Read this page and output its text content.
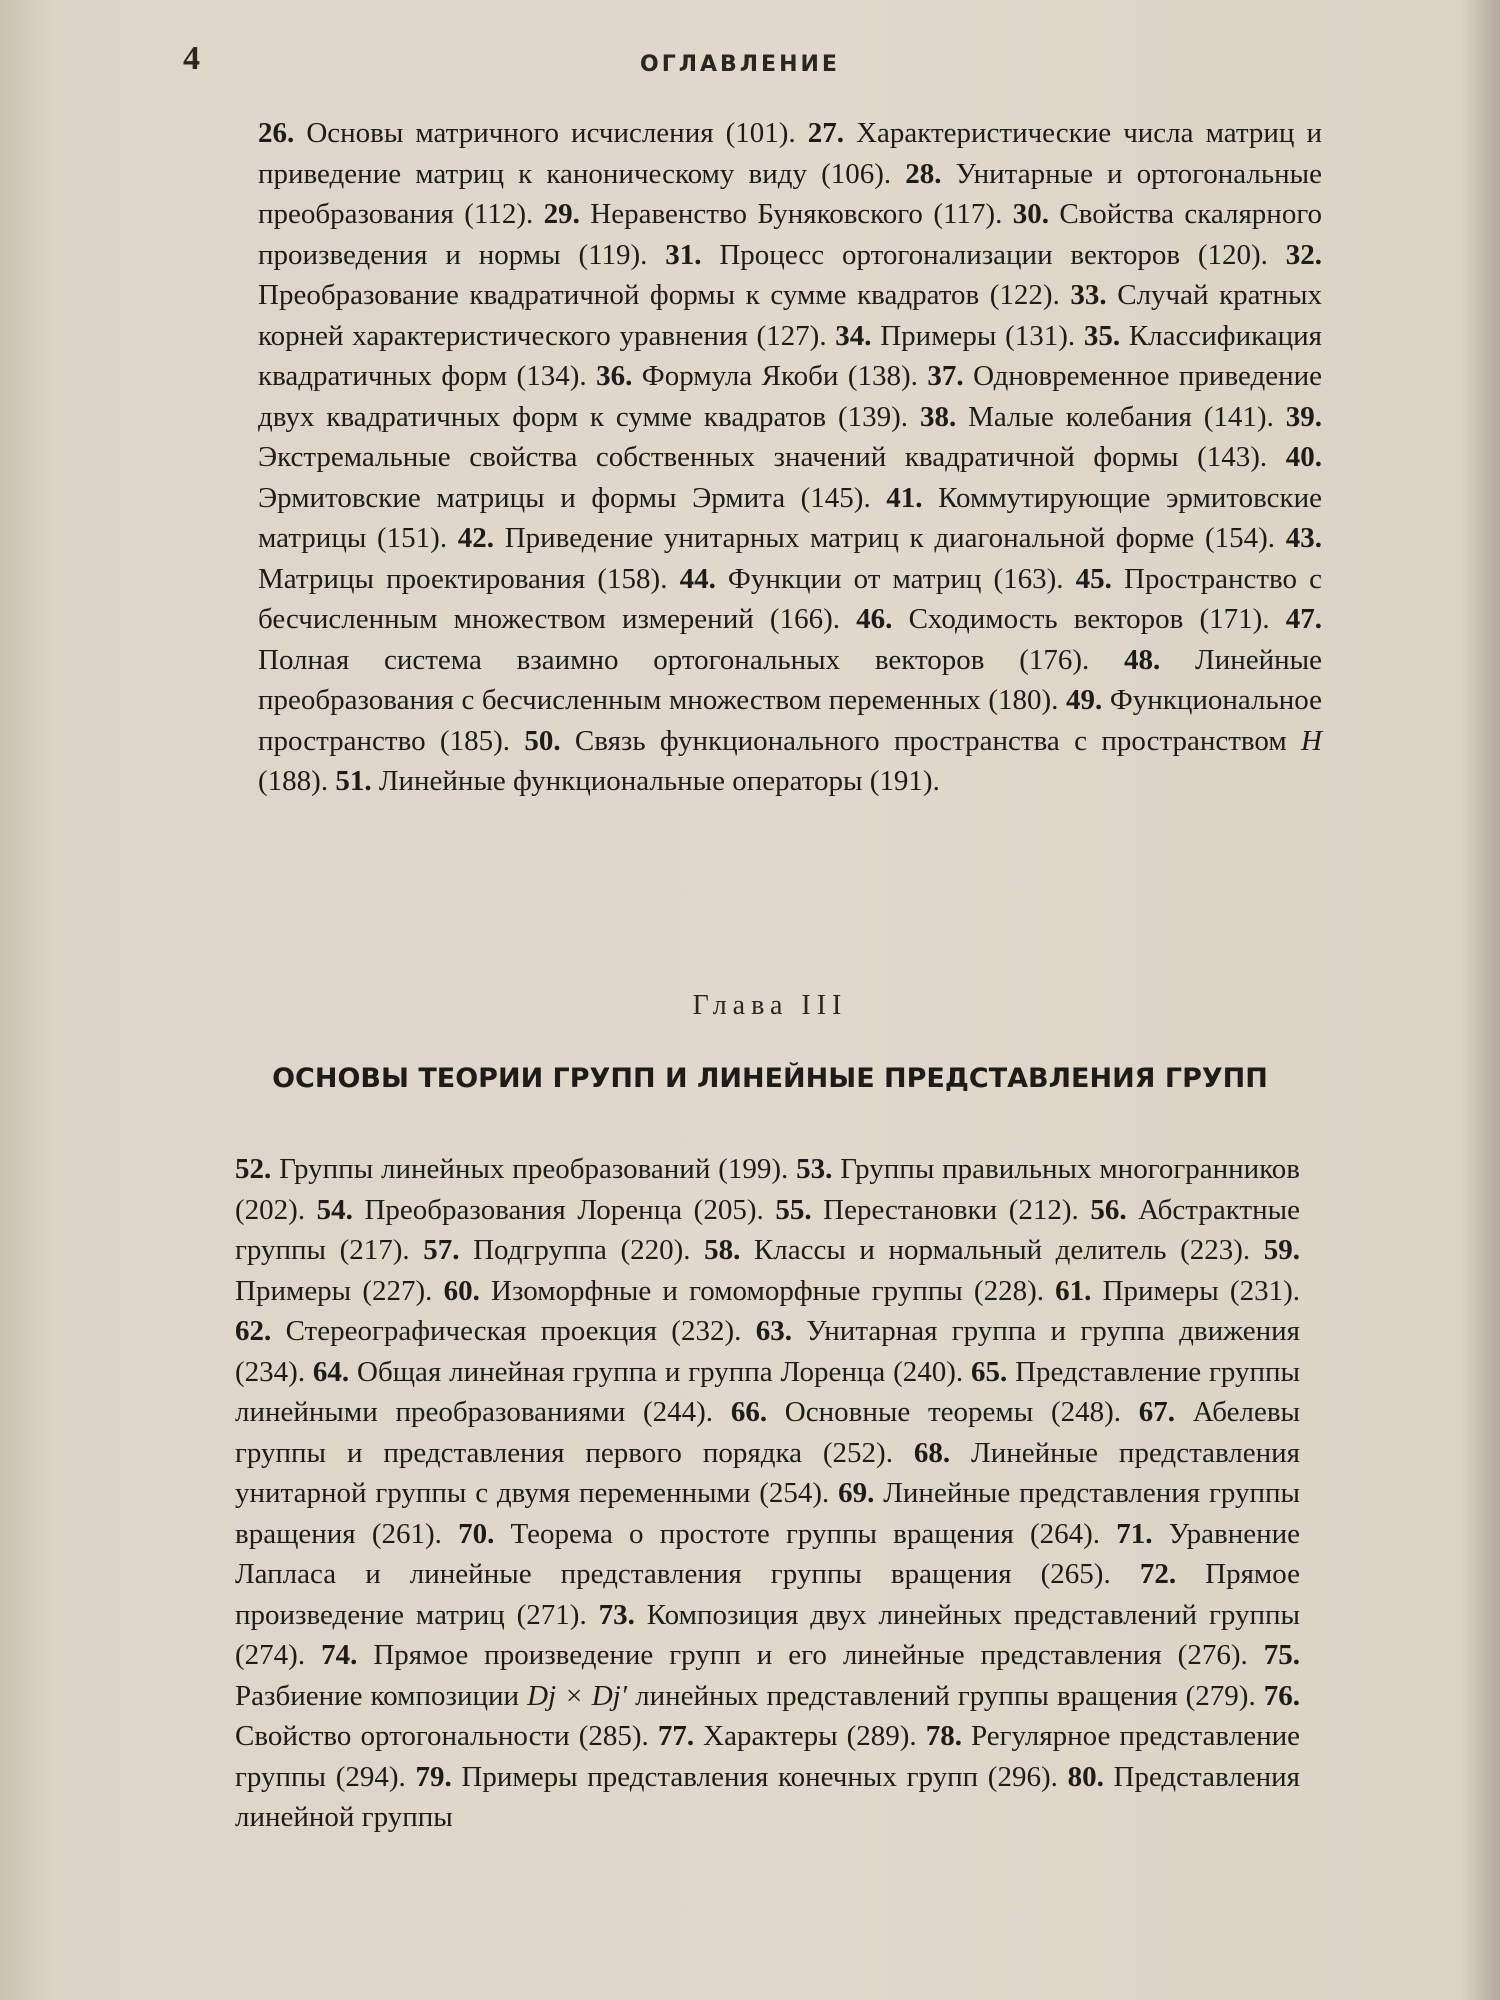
4	ОГЛАВЛЕНИЕ
26. Основы матричного исчисления (101). 27. Характеристические числа матриц и приведение матриц к каноническому виду (106). 28. Унитарные и ортогональные преобразования (112). 29. Неравенство Буняковского (117). 30. Свойства скалярного произведения и нормы (119). 31. Процесс ортогонализации векторов (120). 32. Преобразование квадратичной формы к сумме квадратов (122). 33. Случай кратных корней характеристического уравнения (127). 34. Примеры (131). 35. Классификация квадратичных форм (134). 36. Формула Якоби (138). 37. Одновременное приведение двух квадратичных форм к сумме квадратов (139). 38. Малые колебания (141). 39. Экстремальные свойства собственных значений квадратичной формы (143). 40. Эрмитовские матрицы и формы Эрмита (145). 41. Коммутирующие эрмитовские матрицы (151). 42. Приведение унитарных матриц к диагональной форме (154). 43. Матрицы проектирования (158). 44. Функции от матриц (163). 45. Пространство с бесчисленным множеством измерений (166). 46. Сходимость векторов (171). 47. Полная система взаимно ортогональных векторов (176). 48. Линейные преобразования с бесчисленным множеством переменных (180). 49. Функциональное пространство (185). 50. Связь функционального пространства с пространством H (188). 51. Линейные функциональные операторы (191).
Глава III
ОСНОВЫ ТЕОРИИ ГРУПП И ЛИНЕЙНЫЕ ПРЕДСТАВЛЕНИЯ ГРУПП
52. Группы линейных преобразований (199). 53. Группы правильных многогранников (202). 54. Преобразования Лоренца (205). 55. Перестановки (212). 56. Абстрактные группы (217). 57. Подгруппа (220). 58. Классы и нормальный делитель (223). 59. Примеры (227). 60. Изоморфные и гомоморфные группы (228). 61. Примеры (231). 62. Стереографическая проекция (232). 63. Унитарная группа и группа движения (234). 64. Общая линейная группа и группа Лоренца (240). 65. Представление группы линейными преобразованиями (244). 66. Основные теоремы (248). 67. Абелевы группы и представления первого порядка (252). 68. Линейные представления унитарной группы с двумя переменными (254). 69. Линейные представления группы вращения (261). 70. Теорема о простоте группы вращения (264). 71. Уравнение Лапласа и линейные представления группы вращения (265). 72. Прямое произведение матриц (271). 73. Композиция двух линейных представлений группы (274). 74. Прямое произведение групп и его линейные представления (276). 75. Разбиение композиции Dj × Dj′ линейных представлений группы вращения (279). 76. Свойство ортогональности (285). 77. Характеры (289). 78. Регулярное представление группы (294). 79. Примеры представления конечных групп (296). 80. Представления линейной группы
